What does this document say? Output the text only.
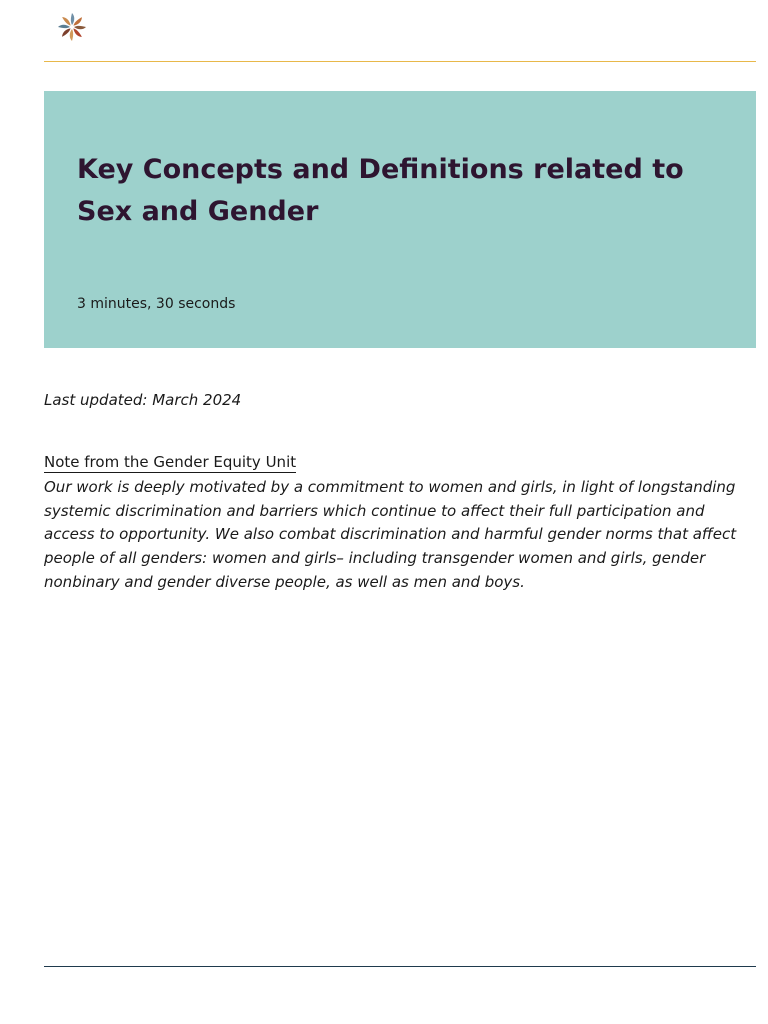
Key Concepts and Definitions related to Sex and Gender
3 minutes, 30 seconds
Last updated: March 2024
Note from the Gender Equity Unit

Our work is deeply motivated by a commitment to women and girls, in light of longstanding systemic discrimination and barriers which continue to affect their full participation and access to opportunity. We also combat discrimination and harmful gender norms that affect people of all genders: women and girls– including transgender women and girls, gender nonbinary and gender diverse people, as well as men and boys.
